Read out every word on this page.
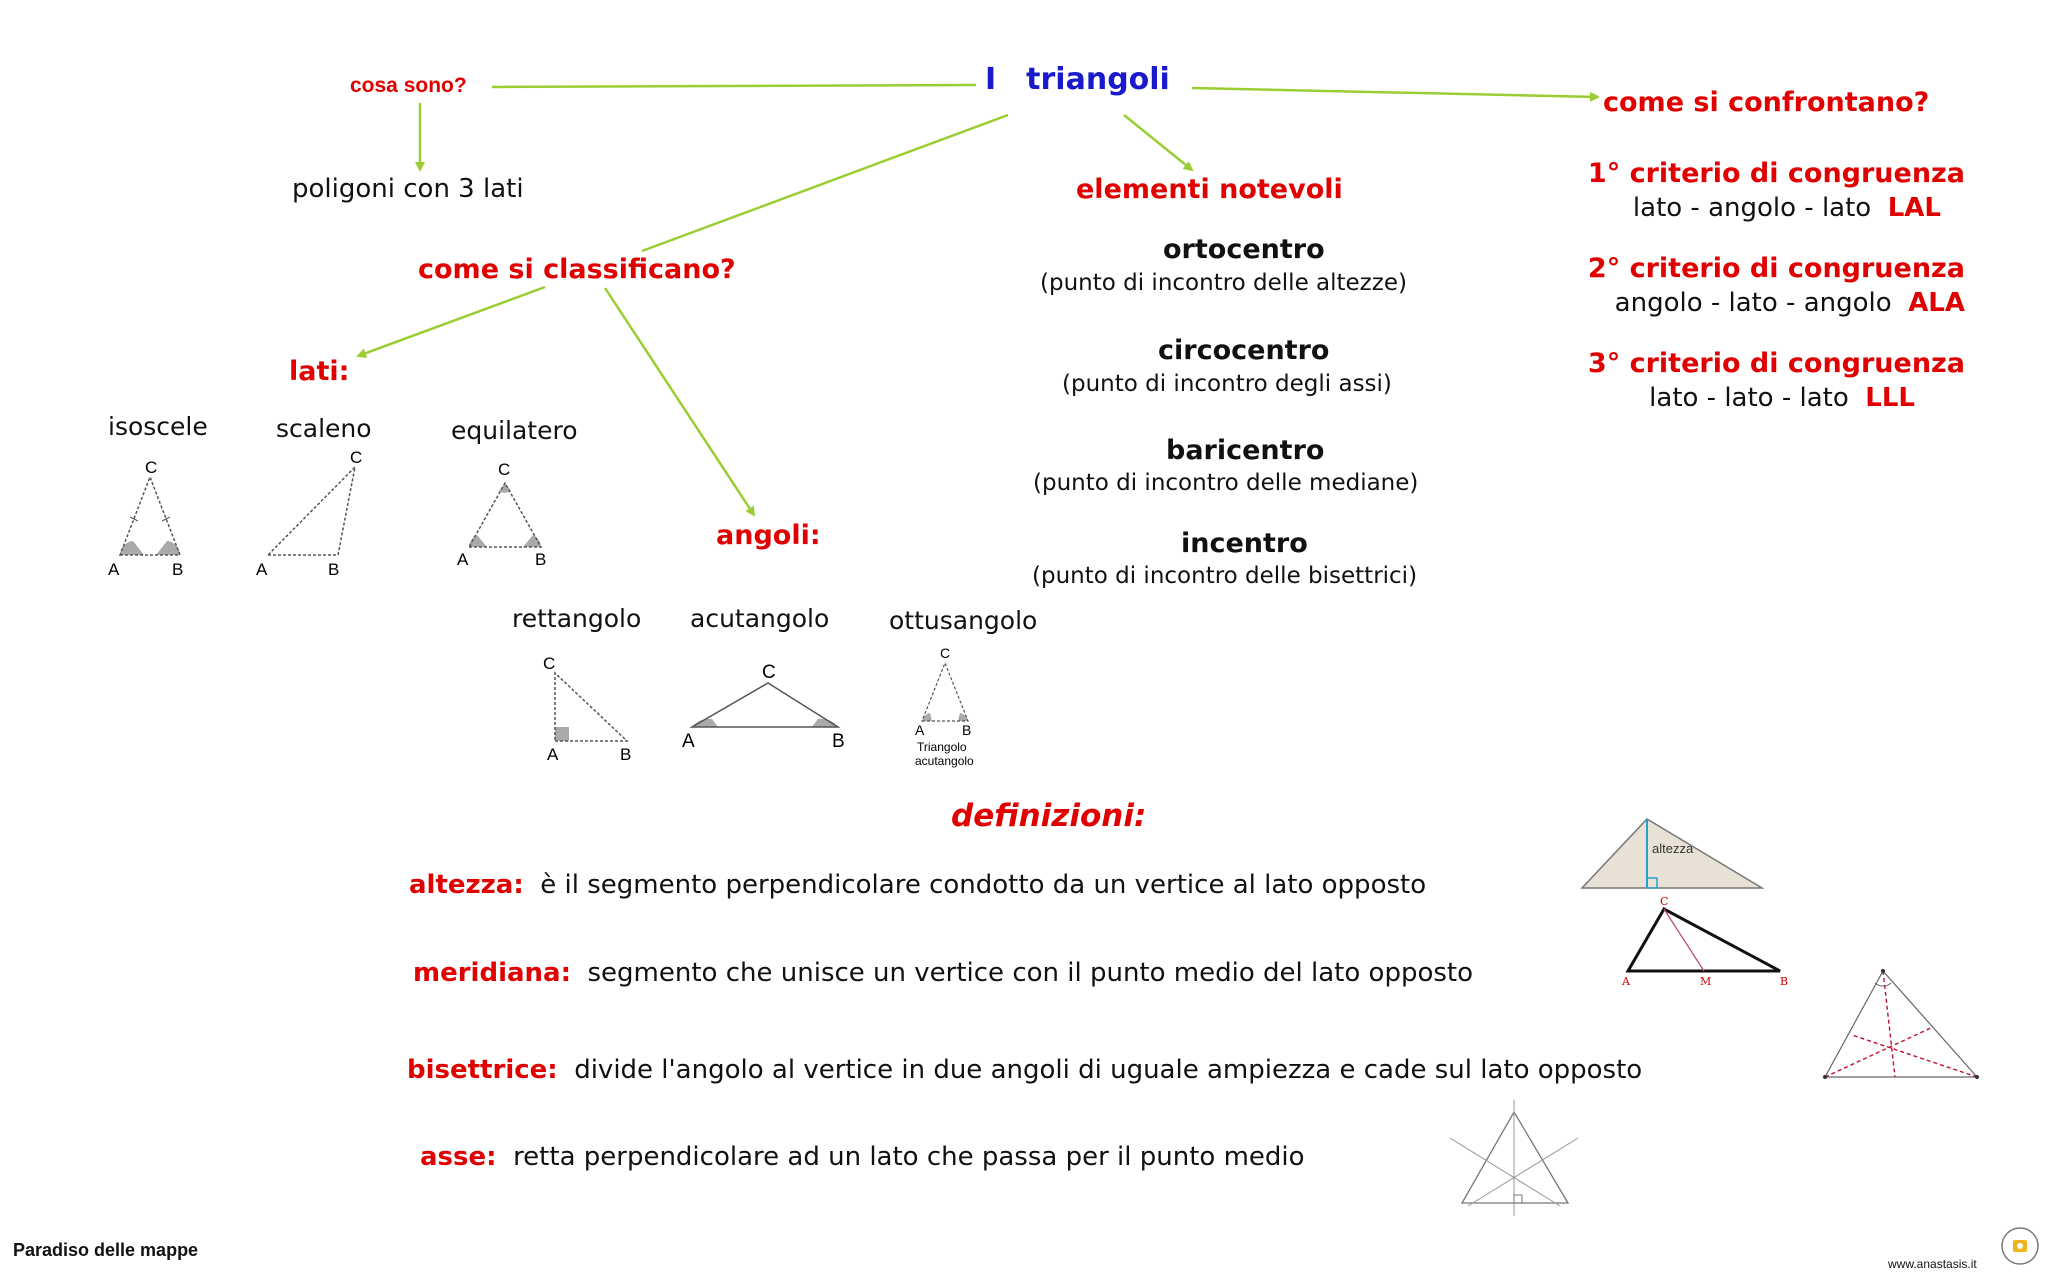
I triangoli
cosa sono?
poligoni con 3 lati
come si classificano?
lati:
angoli:
isoscele	scaleno	equilatero
C
A	B
C
A	B
C
A	B
rettangolo acutangolo ottusangolo
C
A	B
C
A	B
C
A	B
Triangolo
acutangolo
elementi notevoli
ortocentro
(punto di incontro delle altezze)
circocentro
(punto di incontro degli assi)
baricentro
(punto di incontro delle mediane)
incentro
(punto di incontro delle bisettrici)
come si confrontano?
1° criterio di congruenza
lato - angolo - lato LAL
2° criterio di congruenza
angolo - lato - angolo ALA
3° criterio di congruenza
lato - lato - lato LLL
definizioni:
altezza: è il segmento perpendicolare condotto da un vertice al lato opposto
meridiana: segmento che unisce un vertice con il punto medio del lato opposto
bisettrice: divide l'angolo al vertice in due angoli di uguale ampiezza e cade sul lato opposto
asse: retta perpendicolare ad un lato che passa per il punto medio
altezza
C
A	M	B
Paradiso delle mappe
www.anastasis.it
